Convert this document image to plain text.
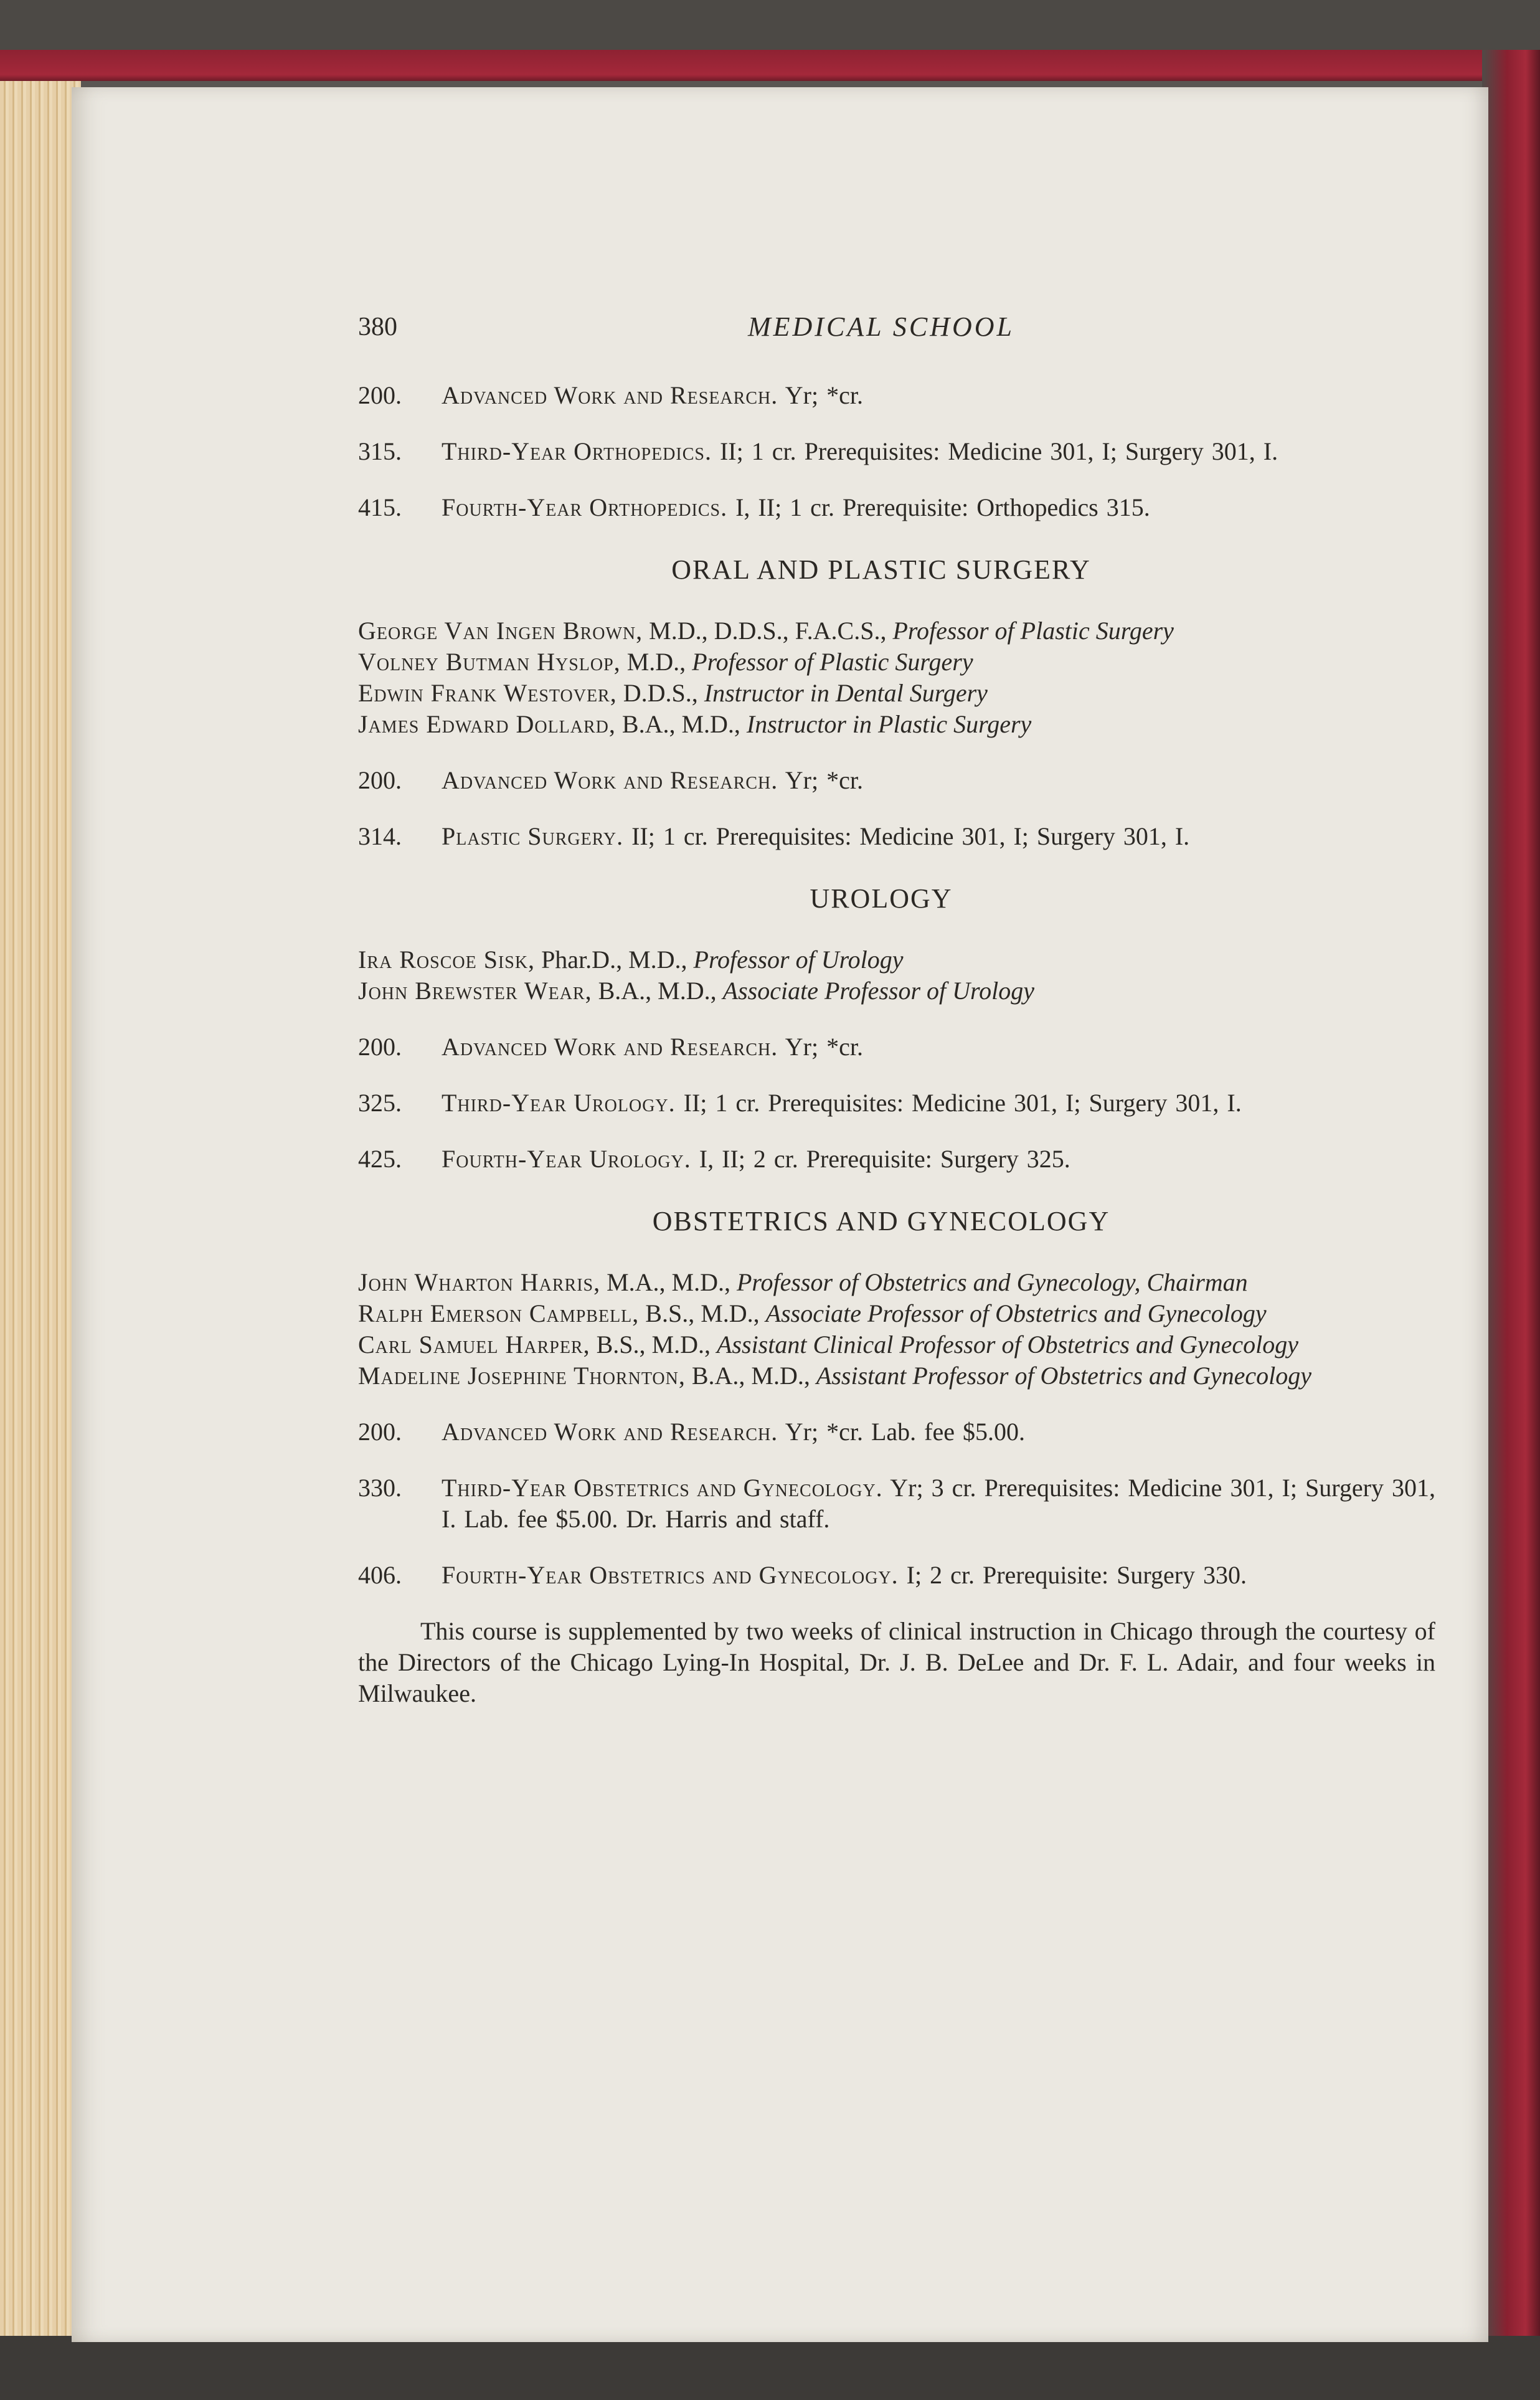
380	MEDICAL SCHOOL
200.	Advanced Work and Research. Yr; *cr.
315.	Third-Year Orthopedics. II; 1 cr. Prerequisites: Medicine 301, I; Surgery 301, I.
415.	Fourth-Year Orthopedics. I, II; 1 cr. Prerequisite: Orthopedics 315.
ORAL AND PLASTIC SURGERY

George Van Ingen Brown, M.D., D.D.S., F.A.C.S., Professor of Plastic Surgery

Volney Butman Hyslop, M.D., Professor of Plastic Surgery

Edwin Frank Westover, D.D.S., Instructor in Dental Surgery

James Edward Dollard, B.A., M.D., Instructor in Plastic Surgery

200.	Advanced Work and Research. Yr; *cr.
314.	Plastic Surgery. II; 1 cr. Prerequisites: Medicine 301, I; Surgery 301, I.
UROLOGY

Ira Roscoe Sisk, Phar.D., M.D., Professor of Urology

John Brewster Wear, B.A., M.D., Associate Professor of Urology

200.	Advanced Work and Research. Yr; *cr.
325.	Third-Year Urology. II; 1 cr. Prerequisites: Medicine 301, I; Surgery 301, I.
425.	Fourth-Year Urology. I, II; 2 cr. Prerequisite: Surgery 325.
OBSTETRICS AND GYNECOLOGY

John Wharton Harris, M.A., M.D., Professor of Obstetrics and Gynecology, Chairman

Ralph Emerson Campbell, B.S., M.D., Associate Professor of Obstetrics and Gynecology

Carl Samuel Harper, B.S., M.D., Assistant Clinical Professor of Obstetrics and Gynecology

Madeline Josephine Thornton, B.A., M.D., Assistant Professor of Obstetrics and Gynecology

200.	Advanced Work and Research. Yr; *cr. Lab. fee $5.00.
330.	Third-Year Obstetrics and Gynecology. Yr; 3 cr. Prerequisites: Medicine 301, I; Surgery 301, I. Lab. fee $5.00. Dr. Harris and staff.
406.	Fourth-Year Obstetrics and Gynecology. I; 2 cr. Prerequisite: Surgery 330.

This course is supplemented by two weeks of clinical instruction in Chicago through the courtesy of the Directors of the Chicago Lying-In Hospital, Dr. J. B. DeLee and Dr. F. L. Adair, and four weeks in Milwaukee.
